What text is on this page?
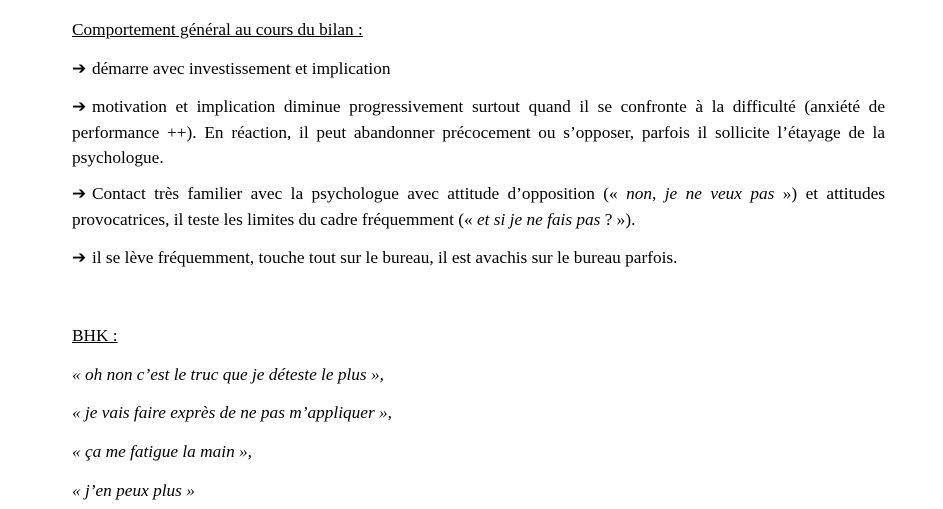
Comportement général au cours du bilan :

➔ démarre avec investissement et implication

➔ motivation et implication diminue progressivement surtout quand il se confronte à la difficulté (anxiété de performance ++). En réaction, il peut abandonner précocement ou s’opposer, parfois il sollicite l’étayage de la psychologue.

➔ Contact très familier avec la psychologue avec attitude d’opposition (« non, je ne veux pas ») et attitudes provocatrices, il teste les limites du cadre fréquemment (« et si je ne fais pas ? »).

➔ il se lève fréquemment, touche tout sur le bureau, il est avachis sur le bureau parfois.

BHK :

« oh non c’est le truc que je déteste le plus »,

« je vais faire exprès de ne pas m’appliquer »,

« ça me fatigue la main »,

« j’en peux plus »
